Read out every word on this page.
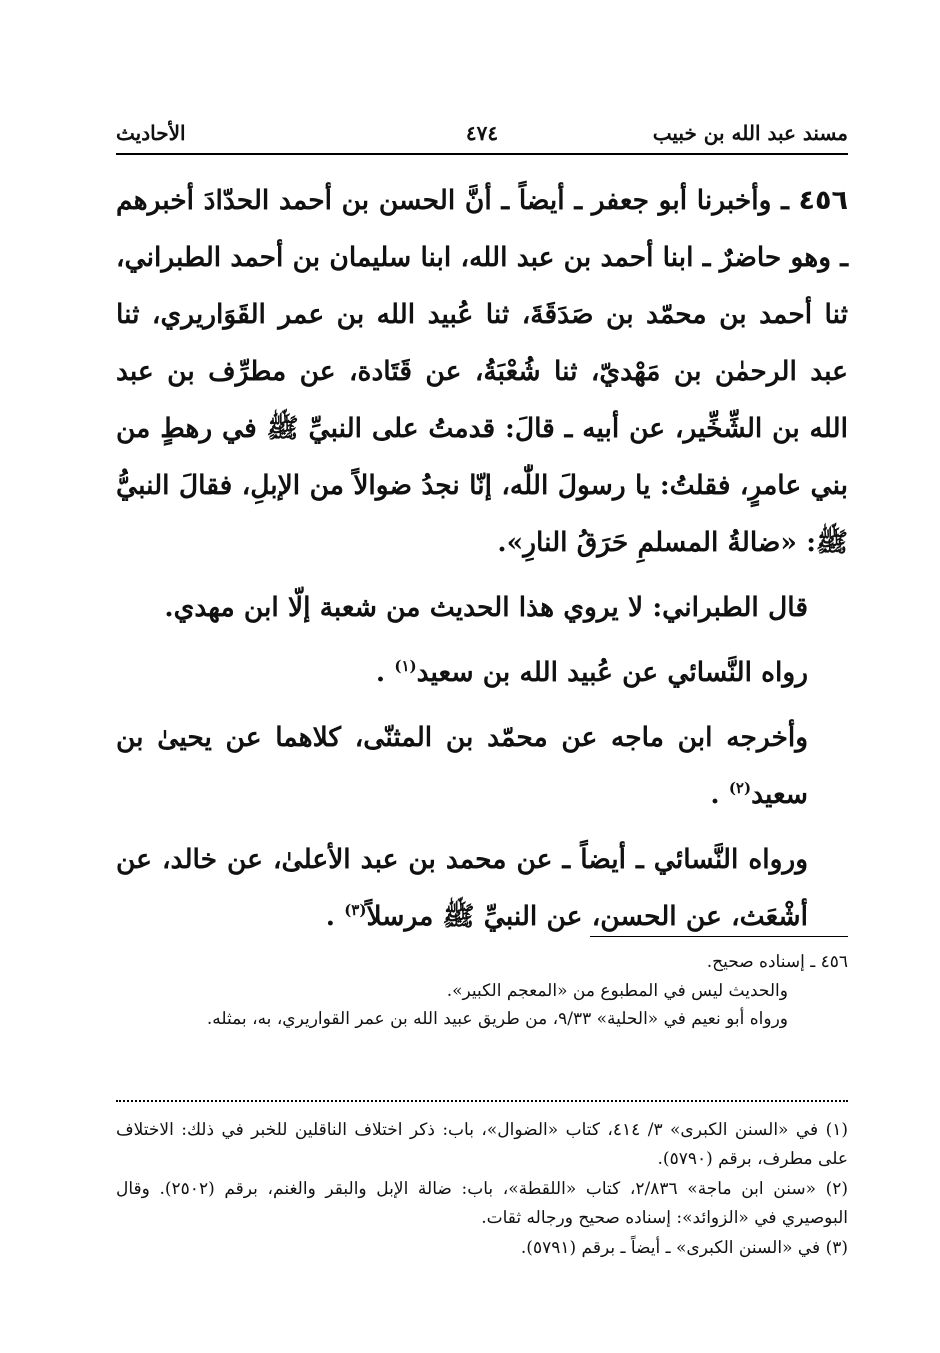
مسند عبد الله بن خبيب
٤٧٤
الأحاديث

٤٥٦ ـ وأخبرنا أبو جعفر ـ أيضاً ـ أنَّ الحسن بن أحمد الحدّادَ أخبرهم ـ وهو حاضرٌ ـ ابنا أحمد بن عبد الله، ابنا سليمان بن أحمد الطبراني، ثنا أحمد بن محمّد بن صَدَقَةَ، ثنا عُبيد الله بن عمر القَوَاريري، ثنا عبد الرحمٰن بن مَهْديّ، ثنا شُعْبَةُ، عن قَتَادة، عن مطرِّف بن عبد الله بن الشِّخِّير، عن أبيه ـ قالَ: قدمتُ على النبيِّ ﷺ في رهطٍ من بني عامرٍ، فقلتُ: يا رسولَ اللّٰه، إنّا نجدُ ضوالاً من الإبلِ، فقالَ النبيُّ ﷺ: «ضالةُ المسلمِ حَرَقُ النارِ».

قال الطبراني: لا يروي هذا الحديث من شعبة إلّا ابن مهدي.

رواه النَّسائي عن عُبيد الله بن سعيد$^{(١)}$ .

وأخرجه ابن ماجه عن محمّد بن المثنّى، كلاهما عن يحيىٰ بن سعيد$^{(٢)}$ .

ورواه النَّسائي ـ أيضاً ـ عن محمد بن عبد الأعلىٰ، عن خالد، عن أشْعَث، عن الحسن، عن النبيِّ ﷺ مرسلاً$^{(٣)}$ .

٤٥٦ ـ إسناده صحيح.

والحديث ليس في المطبوع من «المعجم الكبير».

ورواه أبو نعيم في «الحلية» ٩/٣٣، من طريق عبيد الله بن عمر القواريري، به، بمثله.

(١) في «السنن الكبرى» ٣/ ٤١٤، كتاب «الضوال»، باب: ذكر اختلاف الناقلين للخبر في ذلك: الاختلاف على مطرف، برقم (٥٧٩٠).

(٢) «سنن ابن ماجة» ٢/٨٣٦، كتاب «اللقطة»، باب: ضالة الإبل والبقر والغنم، برقم (٢٥٠٢). وقال البوصيري في «الزوائد»: إسناده صحيح ورجاله ثقات.

(٣) في «السنن الكبرى» ـ أيضاً ـ برقم (٥٧٩١).
